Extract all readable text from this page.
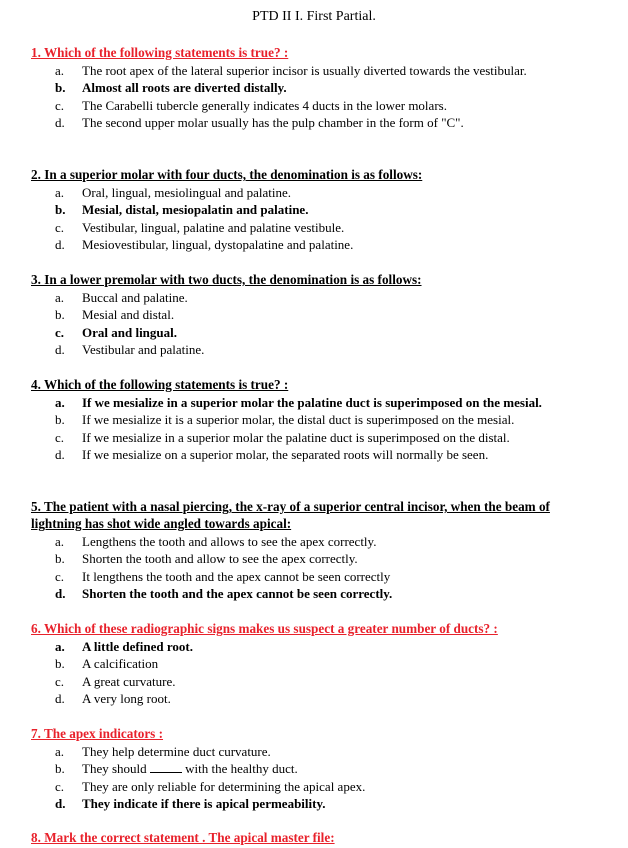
PTD II I. First Partial.
1. Which of the following statements is true? :
a. The root apex of the lateral superior incisor is usually diverted towards the vestibular.
b. Almost all roots are diverted distally.
c. The Carabelli tubercle generally indicates 4 ducts in the lower molars.
d. The second upper molar usually has the pulp chamber in the form of "C".
2. In a superior molar with four ducts, the denomination is as follows:
a. Oral, lingual, mesiolingual and palatine.
b. Mesial, distal, mesiopalatin and palatine.
c. Vestibular, lingual, palatine and palatine vestibule.
d. Mesiovestibular, lingual, dystopalatine and palatine.
3. In a lower premolar with two ducts, the denomination is as follows:
a. Buccal and palatine.
b. Mesial and distal.
c. Oral and lingual.
d. Vestibular and palatine.
4. Which of the following statements is true? :
a. If we mesialize in a superior molar the palatine duct is superimposed on the mesial.
b. If we mesialize it is a superior molar, the distal duct is superimposed on the mesial.
c. If we mesialize in a superior molar the palatine duct is superimposed on the distal.
d. If we mesialize on a superior molar, the separated roots will normally be seen.
5. The patient with a nasal piercing, the x-ray of a superior central incisor, when the beam of lightning has shot wide angled towards apical:
a. Lengthens the tooth and allows to see the apex correctly.
b. Shorten the tooth and allow to see the apex correctly.
c. It lengthens the tooth and the apex cannot be seen correctly
d. Shorten the tooth and the apex cannot be seen correctly.
6. Which of these radiographic signs makes us suspect a greater number of ducts? :
a. A little defined root.
b. A calcification
c. A great curvature.
d. A very long root.
7. The apex indicators :
a. They help determine duct curvature.
b. They should	with the healthy duct.
c. They are only reliable for determining the apical apex.
d. They indicate if there is apical permeability.
8. Mark the correct statement . The apical master file:
